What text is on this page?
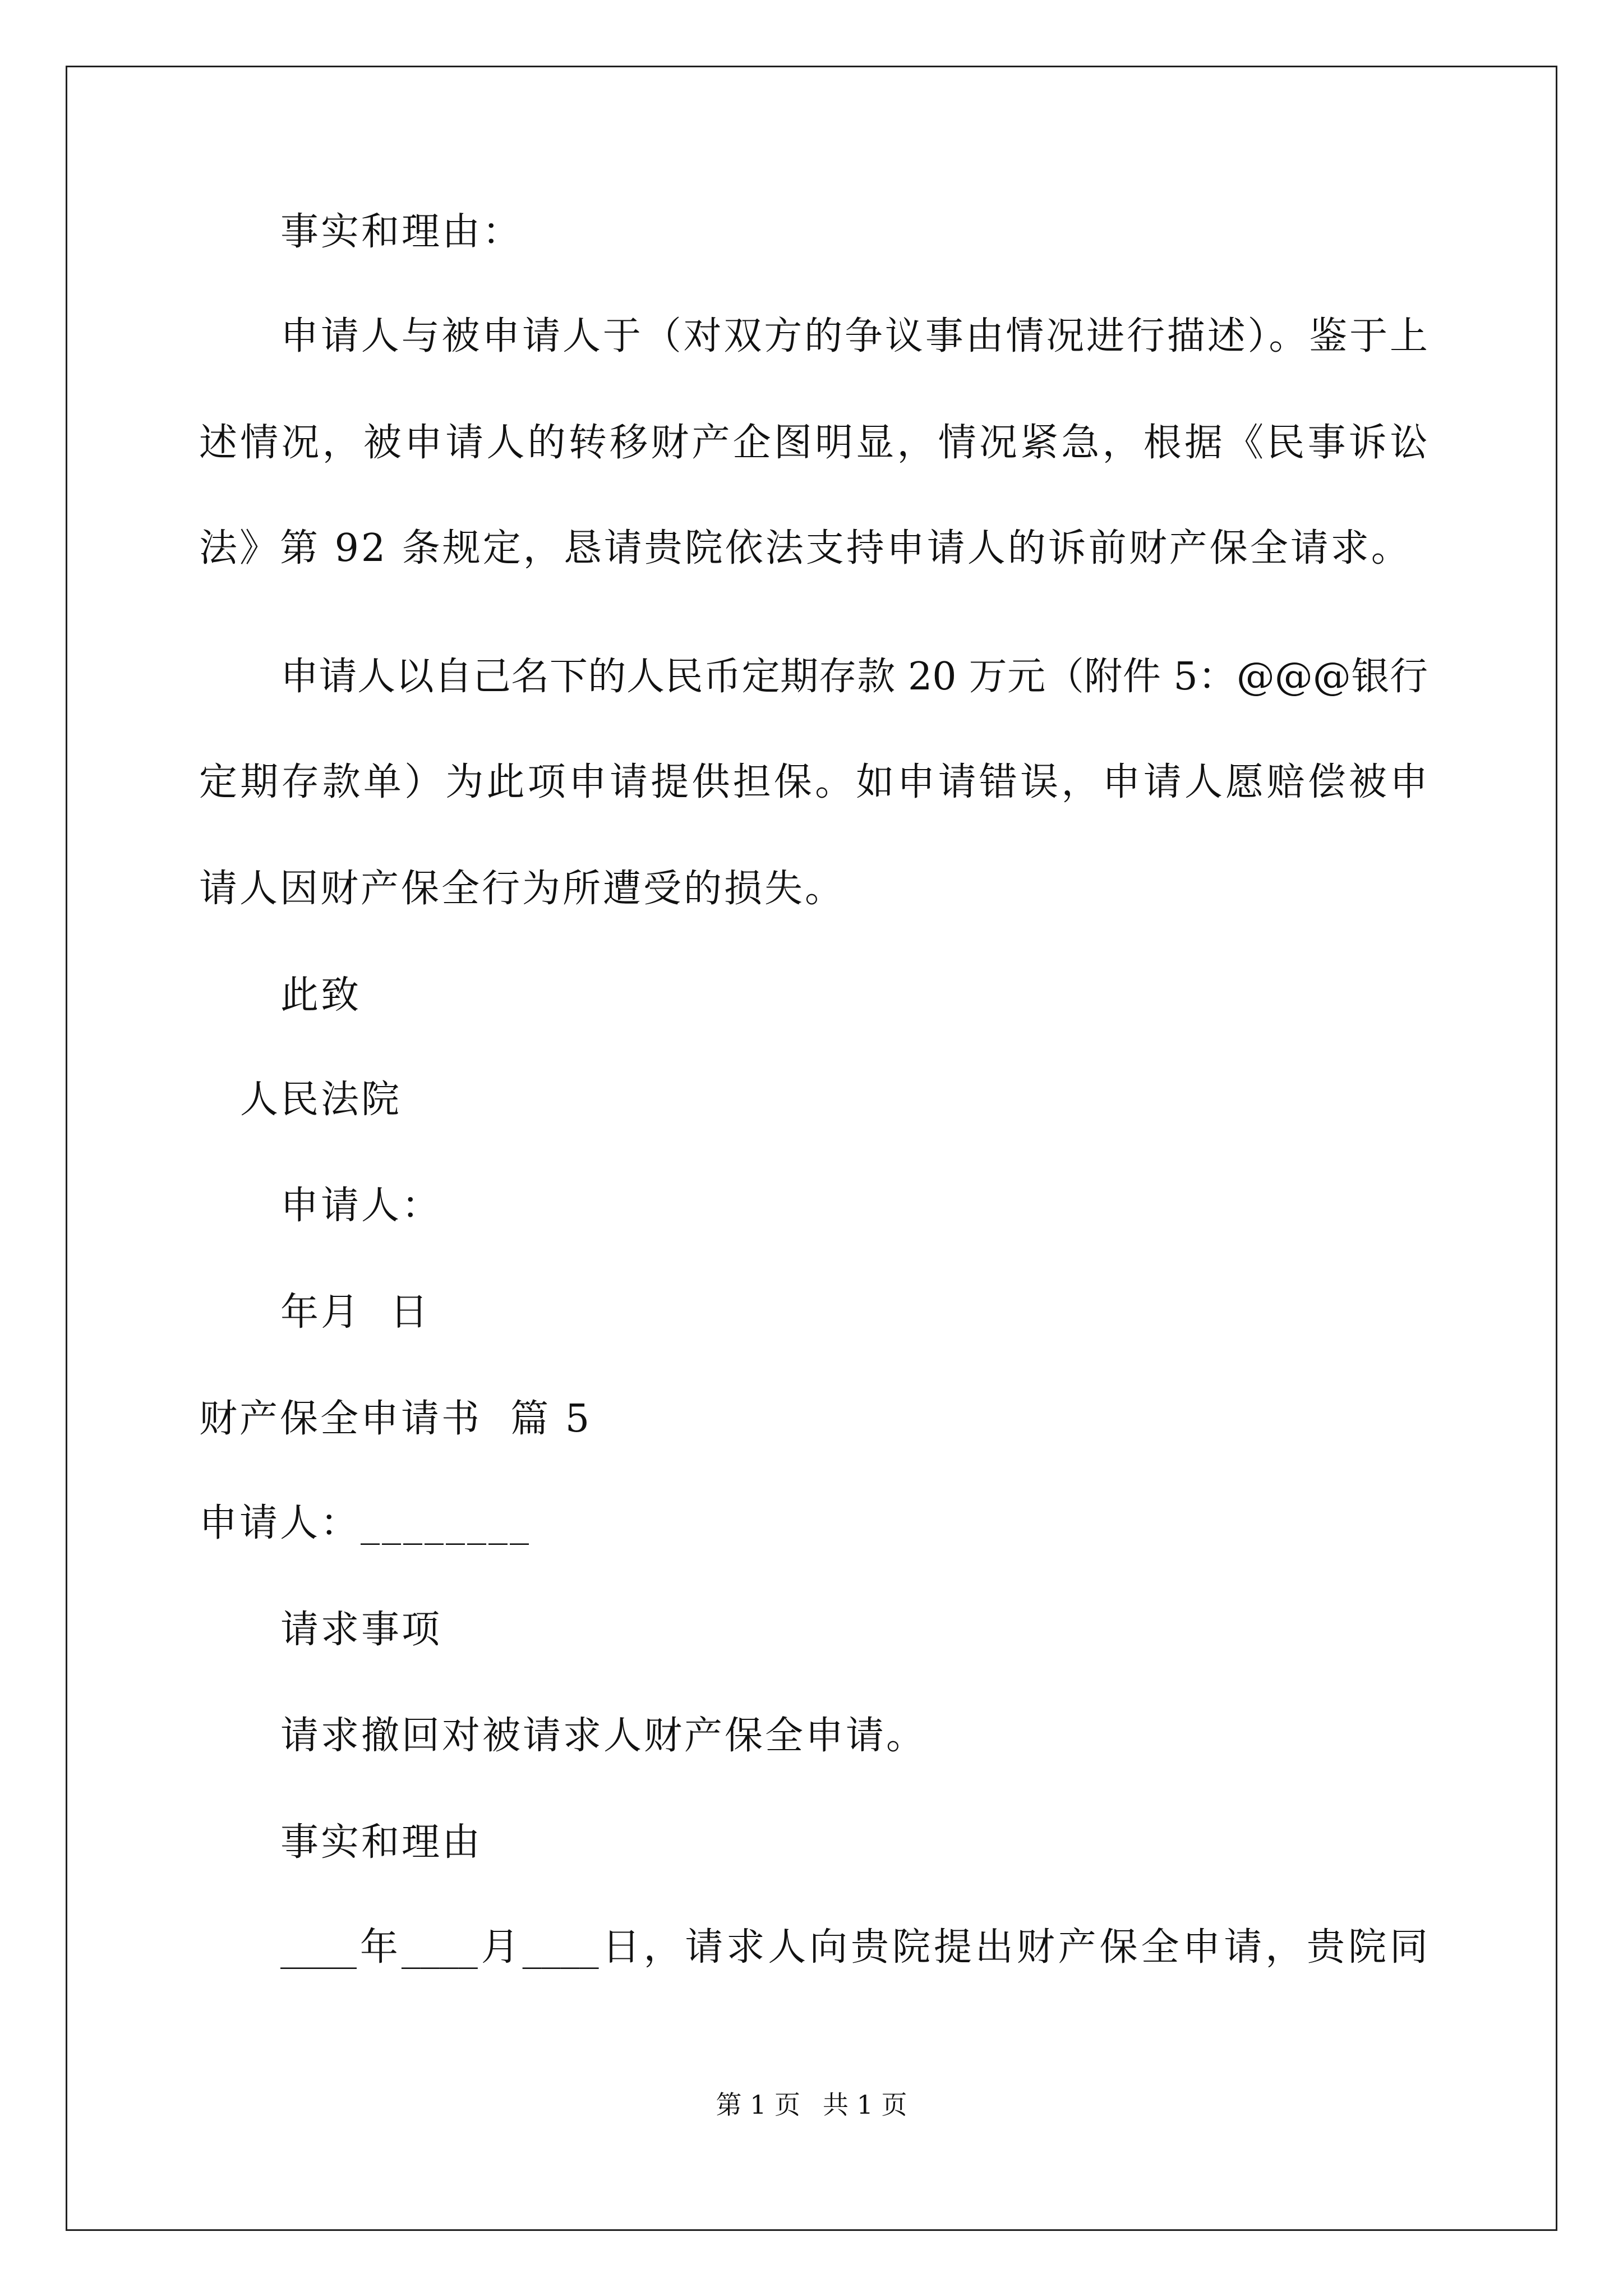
事实和理由：
申请人与被申请人于（对双方的争议事由情况进行描述）。鉴于上
述情况，被申请人的转移财产企图明显，情况紧急，根据《民事诉讼
法》第 92 条规定，恳请贵院依法支持申请人的诉前财产保全请求。
申请人以自己名下的人民币定期存款 20 万元（附件 5：@@@银行
定期存款单）为此项申请提供担保。如申请错误，申请人愿赔偿被申
请人因财产保全行为所遭受的损失。
此致
人民法院
申请人：
年月  日
财产保全申请书  篇 5
申请人：________
请求事项
请求撤回对被请求人财产保全申请。
事实和理由
____年____月____日，请求人向贵院提出财产保全申请，贵院同
第 1 页 共 1 页
